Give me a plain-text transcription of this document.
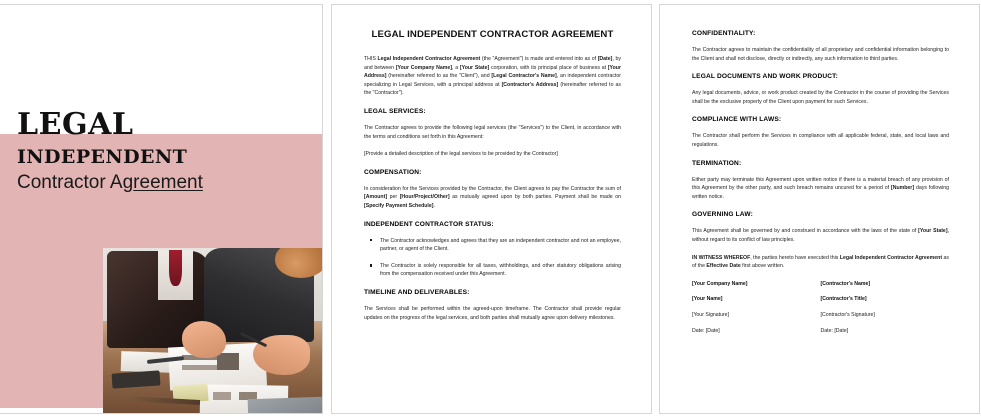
LEGAL
INDEPENDENT
Contractor Agreement
LEGAL INDEPENDENT CONTRACTOR AGREEMENT

THIS Legal Independent Contractor Agreement (the "Agreement") is made and entered into as of [Date], by and between [Your Company Name], a [Your State] corporation, with its principal place of business at [Your Address] (hereinafter referred to as the "Client"), and [Legal Contractor's Name], an independent contractor specializing in Legal Services, with a principal address at [Contractor's Address] (hereinafter referred to as the "Contractor").

LEGAL SERVICES:

The Contractor agrees to provide the following legal services (the "Services") to the Client, in accordance with the terms and conditions set forth in this Agreement:

[Provide a detailed description of the legal services to be provided by the Contractor]

COMPENSATION:

In consideration for the Services provided by the Contractor, the Client agrees to pay the Contractor the sum of [Amount] per [Hour/Project/Other] as mutually agreed upon by both parties. Payment shall be made on [Specify Payment Schedule].

INDEPENDENT CONTRACTOR STATUS:
The Contractor acknowledges and agrees that they are an independent contractor and not an employee, partner, or agent of the Client.
The Contractor is solely responsible for all taxes, withholdings, and other statutory obligations arising from the compensation received under this Agreement.
TIMELINE AND DELIVERABLES:

The Services shall be performed within the agreed-upon timeframe. The Contractor shall provide regular updates on the progress of the legal services, and both parties shall mutually agree upon delivery milestones.

CONFIDENTIALITY:

The Contractor agrees to maintain the confidentiality of all proprietary and confidential information belonging to the Client and shall not disclose, directly or indirectly, any such information to third parties.

LEGAL DOCUMENTS AND WORK PRODUCT:

Any legal documents, advice, or work product created by the Contractor in the course of providing the Services shall be the exclusive property of the Client upon payment for such Services.

COMPLIANCE WITH LAWS:

The Contractor shall perform the Services in compliance with all applicable federal, state, and local laws and regulations.

TERMINATION:

Either party may terminate this Agreement upon written notice if there is a material breach of any provision of this Agreement by the other party, and such breach remains uncured for a period of [Number] days following written notice.

GOVERNING LAW:

This Agreement shall be governed by and construed in accordance with the laws of the state of [Your State], without regard to its conflict of law principles.

IN WITNESS WHEREOF, the parties hereto have executed this Legal Independent Contractor Agreement as of the Effective Date first above written.

[Your Company Name]
[Your Name]
[Your Signature]
Date: [Date]
[Contractor's Name]
[Contractor's Title]
[Contractor's Signature]
Date: [Date]
